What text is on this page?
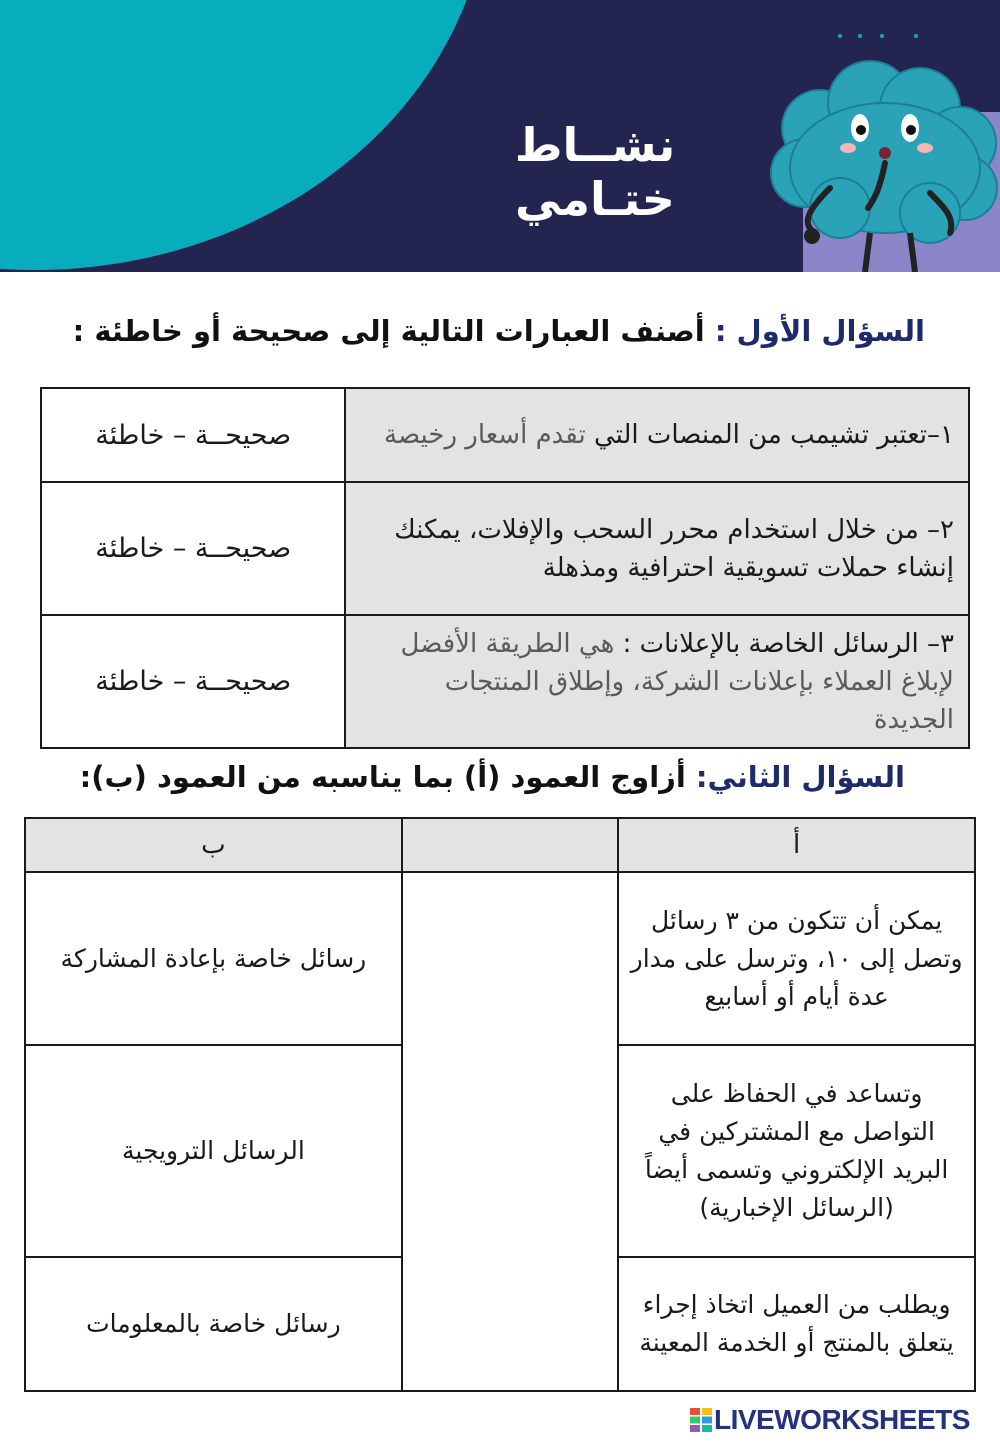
نشــاط ختـامي
السؤال الأول : أصنف العبارات التالية إلى صحيحة أو خاطئة :
١–تعتبر تشيمب من المنصات التي تقدم أسعار رخيصة	صحيحــة – خاطئة
٢– من خلال استخدام محرر السحب والإفلات، يمكنك إنشاء حملات تسويقية احترافية ومذهلة	صحيحــة – خاطئة
٣– الرسائل الخاصة بالإعلانات : هي الطريقة الأفضل لإبلاغ العملاء بإعلانات الشركة، وإطلاق المنتجات الجديدة	صحيحــة – خاطئة
السؤال الثاني: أزاوج العمود (أ) بما يناسبه من العمود (ب):
أ		ب
يمكن أن تتكون من ٣ رسائل وتصل إلى ١٠، وترسل على مدار عدة أيام أو أسابيع		رسائل خاصة بإعادة المشاركة
وتساعد في الحفاظ على التواصل مع المشتركين في البريد الإلكتروني وتسمى أيضاً (الرسائل الإخبارية)		الرسائل الترويجية
ويطلب من العميل اتخاذ إجراء يتعلق بالمنتج أو الخدمة المعينة		رسائل خاصة بالمعلومات
LIVEWORKSHEETS
